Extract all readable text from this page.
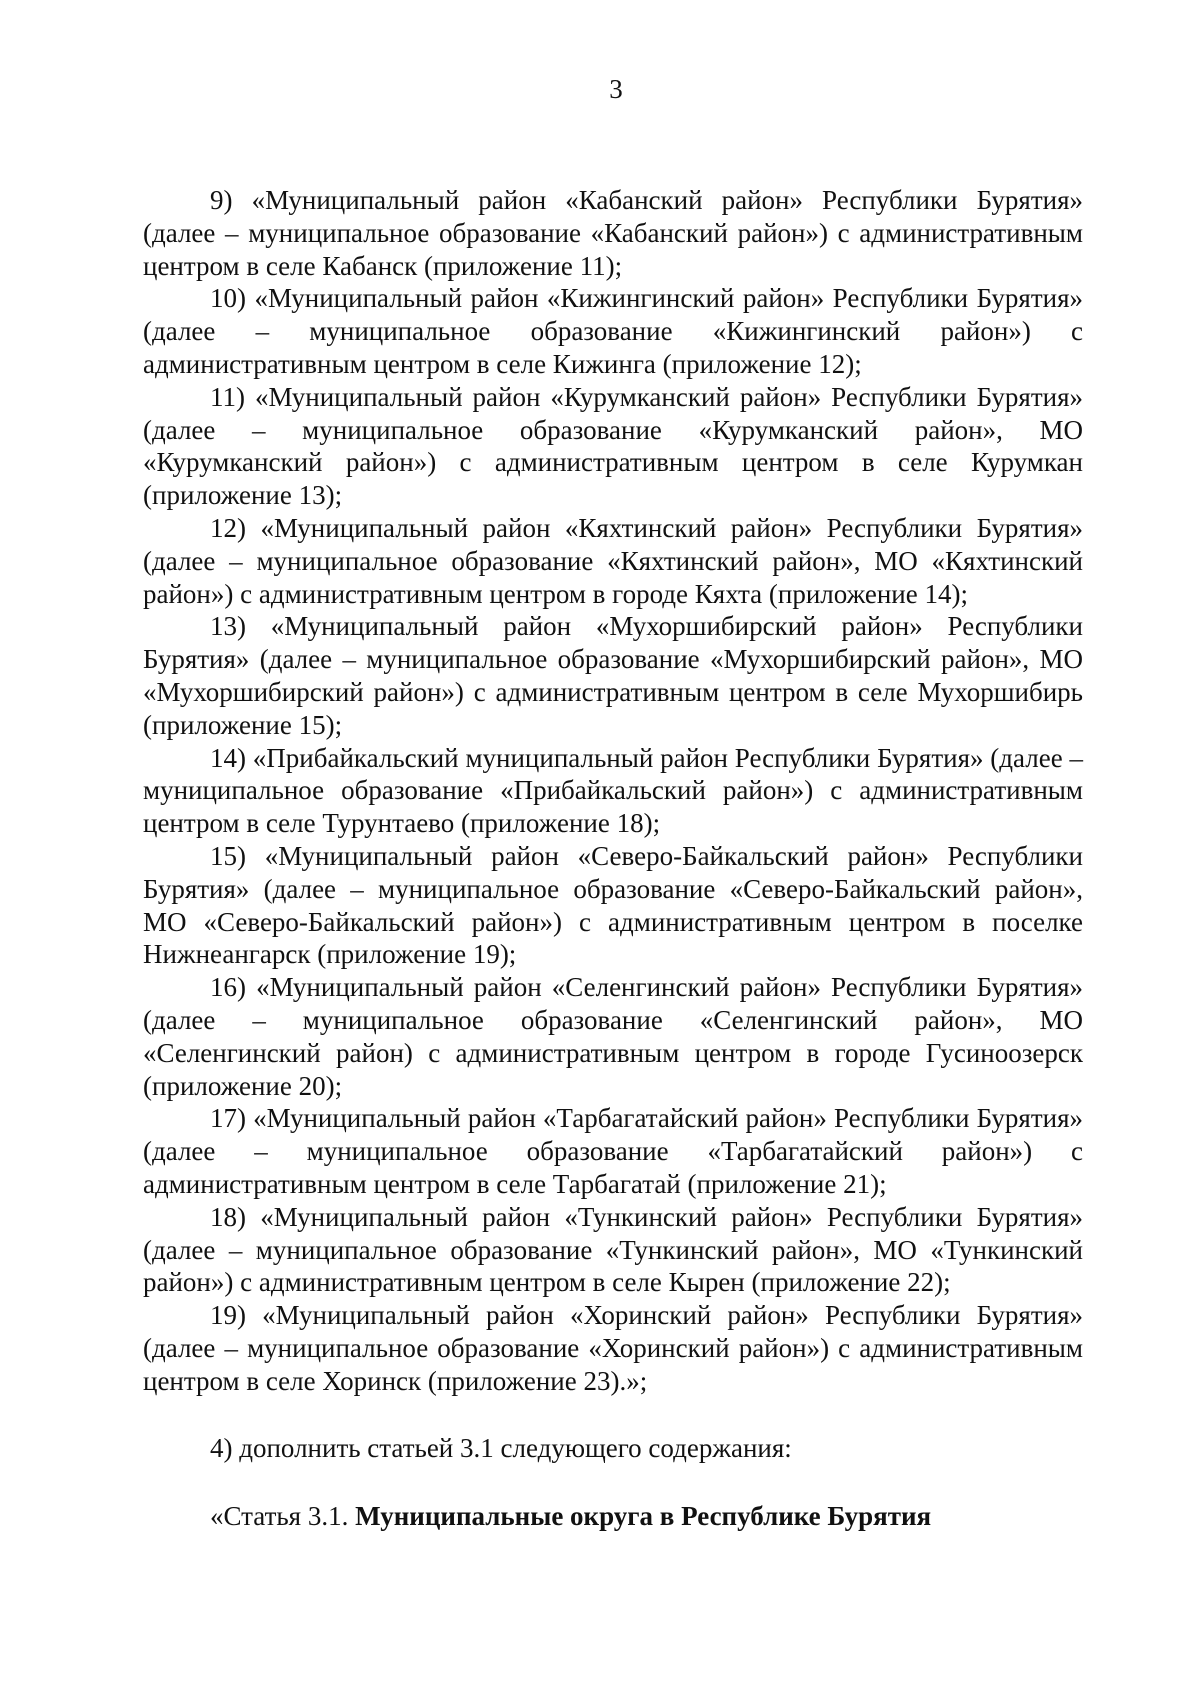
3

9) «Муниципальный район «Кабанский район» Республики Бурятия» (далее – муниципальное образование «Кабанский район») с административным центром в селе Кабанск (приложение 11);

10) «Муниципальный район «Кижингинский район» Республики Бурятия» (далее – муниципальное образование «Кижингинский район») с административным центром в селе Кижинга (приложение 12);

11) «Муниципальный район «Курумканский район» Республики Бурятия» (далее – муниципальное образование «Курумканский район», МО «Курумканский район») с административным центром в селе Курумкан (приложение 13);

12) «Муниципальный район «Кяхтинский район» Республики Бурятия» (далее – муниципальное образование «Кяхтинский район», МО «Кяхтинский район») с административным центром в городе Кяхта (приложение 14);

13) «Муниципальный район «Мухоршибирский район» Республики Бурятия» (далее – муниципальное образование «Мухоршибирский район», МО «Мухоршибирский район») с административным центром в селе Мухоршибирь (приложение 15);

14) «Прибайкальский муниципальный район Республики Бурятия» (далее – муниципальное образование «Прибайкальский район») с административным центром в селе Турунтаево (приложение 18);

15) «Муниципальный район «Северо-Байкальский район» Республики Бурятия» (далее – муниципальное образование «Северо-Байкальский район», МО «Северо-Байкальский район») с административным центром в поселке Нижнеангарск (приложение 19);

16) «Муниципальный район «Селенгинский район» Республики Бурятия» (далее – муниципальное образование «Селенгинский район», МО «Селенгинский район) с административным центром в городе Гусиноозерск (приложение 20);

17) «Муниципальный район «Тарбагатайский район» Республики Бурятия» (далее – муниципальное образование «Тарбагатайский район») с административным центром в селе Тарбагатай (приложение 21);

18) «Муниципальный район «Тункинский район» Республики Бурятия» (далее – муниципальное образование «Тункинский район», МО «Тункинский район») с административным центром в селе Кырен (приложение 22);

19) «Муниципальный район «Хоринский район» Республики Бурятия» (далее – муниципальное образование «Хоринский район») с административным центром в селе Хоринск (приложение 23).»;

4) дополнить статьей 3.1 следующего содержания:

«Статья 3.1. Муниципальные округа в Республике Бурятия
